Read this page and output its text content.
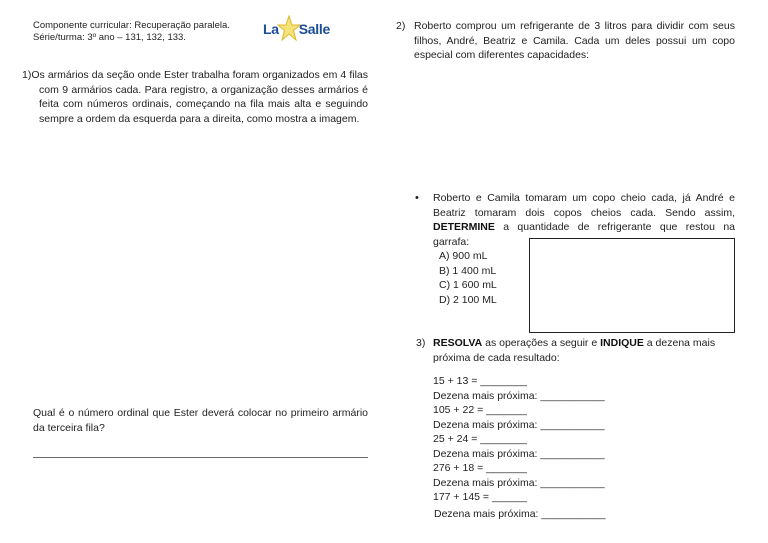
Componente curricular: Recuperação paralela.
Série/turma: 3º ano – 131, 132, 133.
La Salle
1)Os armários da seção onde Ester trabalha foram organizados em 4 filas com 9 armários cada. Para registro, a organização desses armários é feita com números ordinais, começando na fila mais alta e seguindo sempre a ordem da esquerda para a direita, como mostra a imagem.
Qual é o número ordinal que Ester deverá colocar no primeiro armário da terceira fila?
2) Roberto comprou um refrigerante de 3 litros para dividir com seus filhos, André, Beatriz e Camila. Cada um deles possui um copo especial com diferentes capacidades:
• Roberto e Camila tomaram um copo cheio cada, já André e Beatriz tomaram dois copos cheios cada. Sendo assim, DETERMINE a quantidade de refrigerante que restou na garrafa:
A) 900 mL
B) 1 400 mL
C) 1 600 mL
D) 2 100 ML
3) RESOLVA as operações a seguir e INDIQUE a dezena mais próxima de cada resultado:
15 + 13 = ________
Dezena mais próxima: ___________
105 + 22 = _______
Dezena mais próxima: ___________
25 + 24 = ________
Dezena mais próxima: ___________
276 + 18 = _______
Dezena mais próxima: ___________
177 + 145 = ______
Dezena mais próxima: ___________
